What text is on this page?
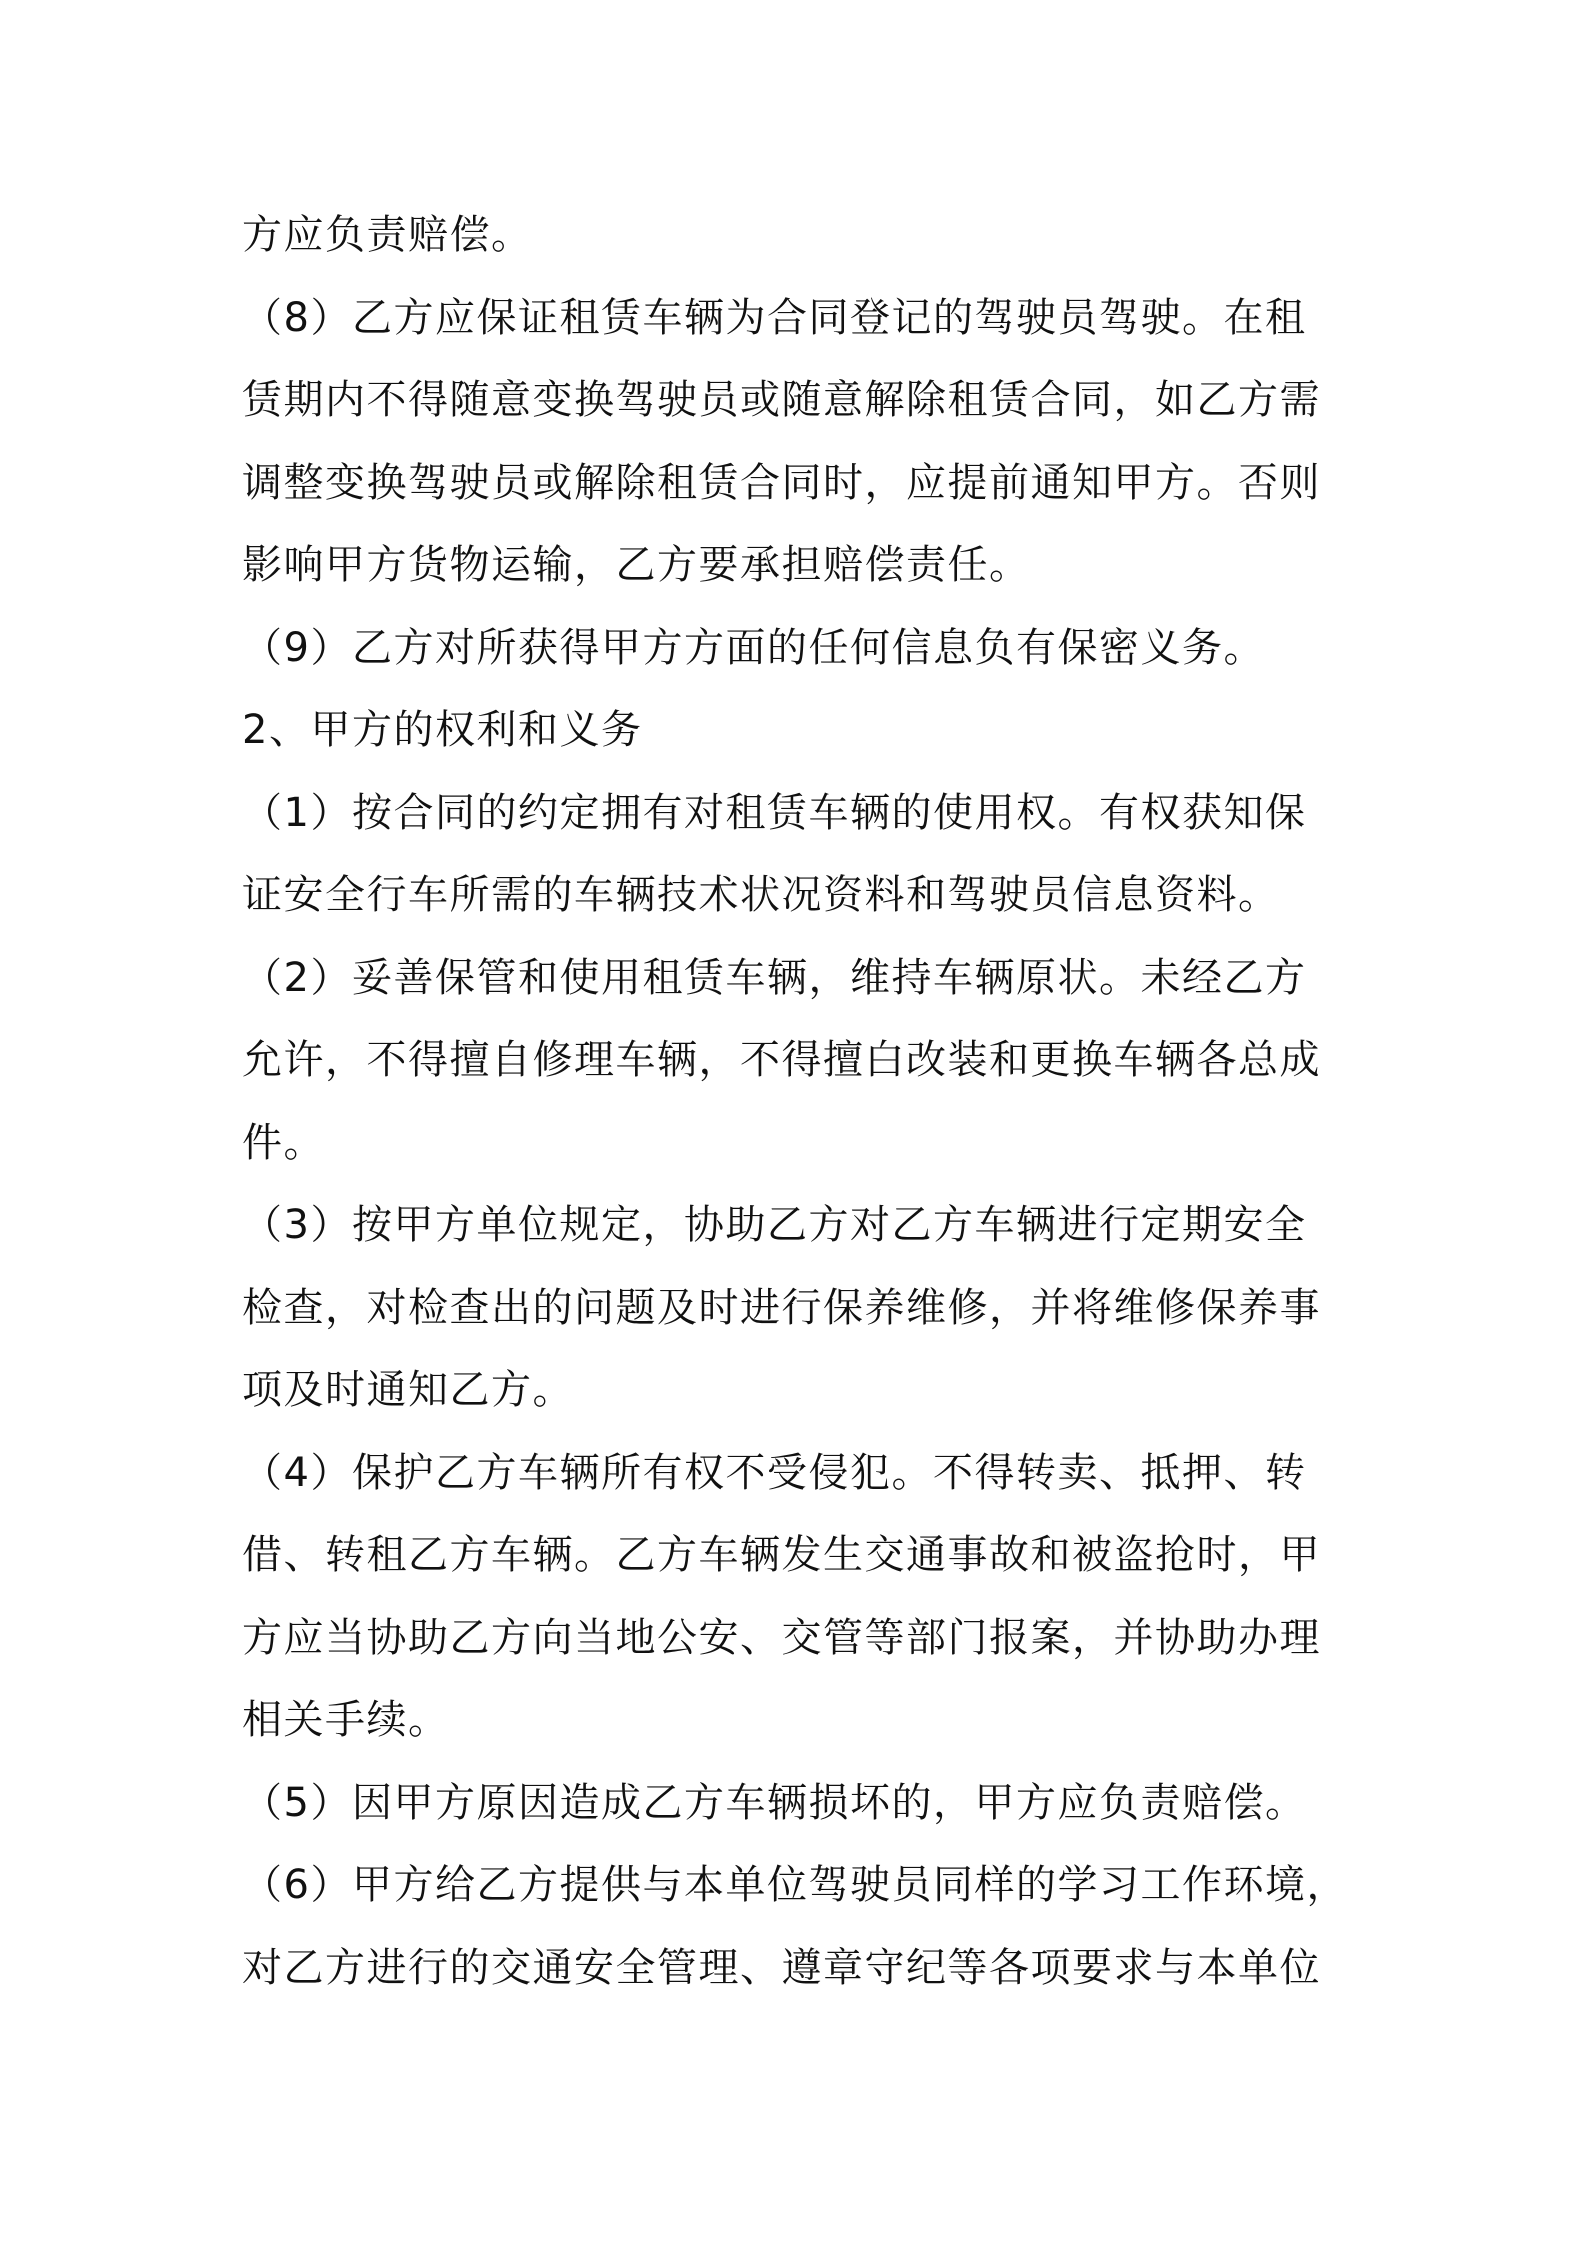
方应负责赔偿。
（8）乙方应保证租赁车辆为合同登记的驾驶员驾驶。在租
赁期内不得随意变换驾驶员或随意解除租赁合同，如乙方需
调整变换驾驶员或解除租赁合同时，应提前通知甲方。否则
影响甲方货物运输，乙方要承担赔偿责任。
（9）乙方对所获得甲方方面的任何信息负有保密义务。
2、甲方的权利和义务
（1）按合同的约定拥有对租赁车辆的使用权。有权获知保
证安全行车所需的车辆技术状况资料和驾驶员信息资料。
（2）妥善保管和使用租赁车辆，维持车辆原状。未经乙方
允许，不得擅自修理车辆，不得擅白改装和更换车辆各总成
件。
（3）按甲方单位规定，协助乙方对乙方车辆进行定期安全
检查，对检查出的问题及时进行保养维修，并将维修保养事
项及时通知乙方。
（4）保护乙方车辆所有权不受侵犯。不得转卖、抵押、转
借、转租乙方车辆。乙方车辆发生交通事故和被盗抢时，甲
方应当协助乙方向当地公安、交管等部门报案，并协助办理
相关手续。
（5）因甲方原因造成乙方车辆损坏的，甲方应负责赔偿。
（6）甲方给乙方提供与本单位驾驶员同样的学习工作环境，
对乙方进行的交通安全管理、遵章守纪等各项要求与本单位
